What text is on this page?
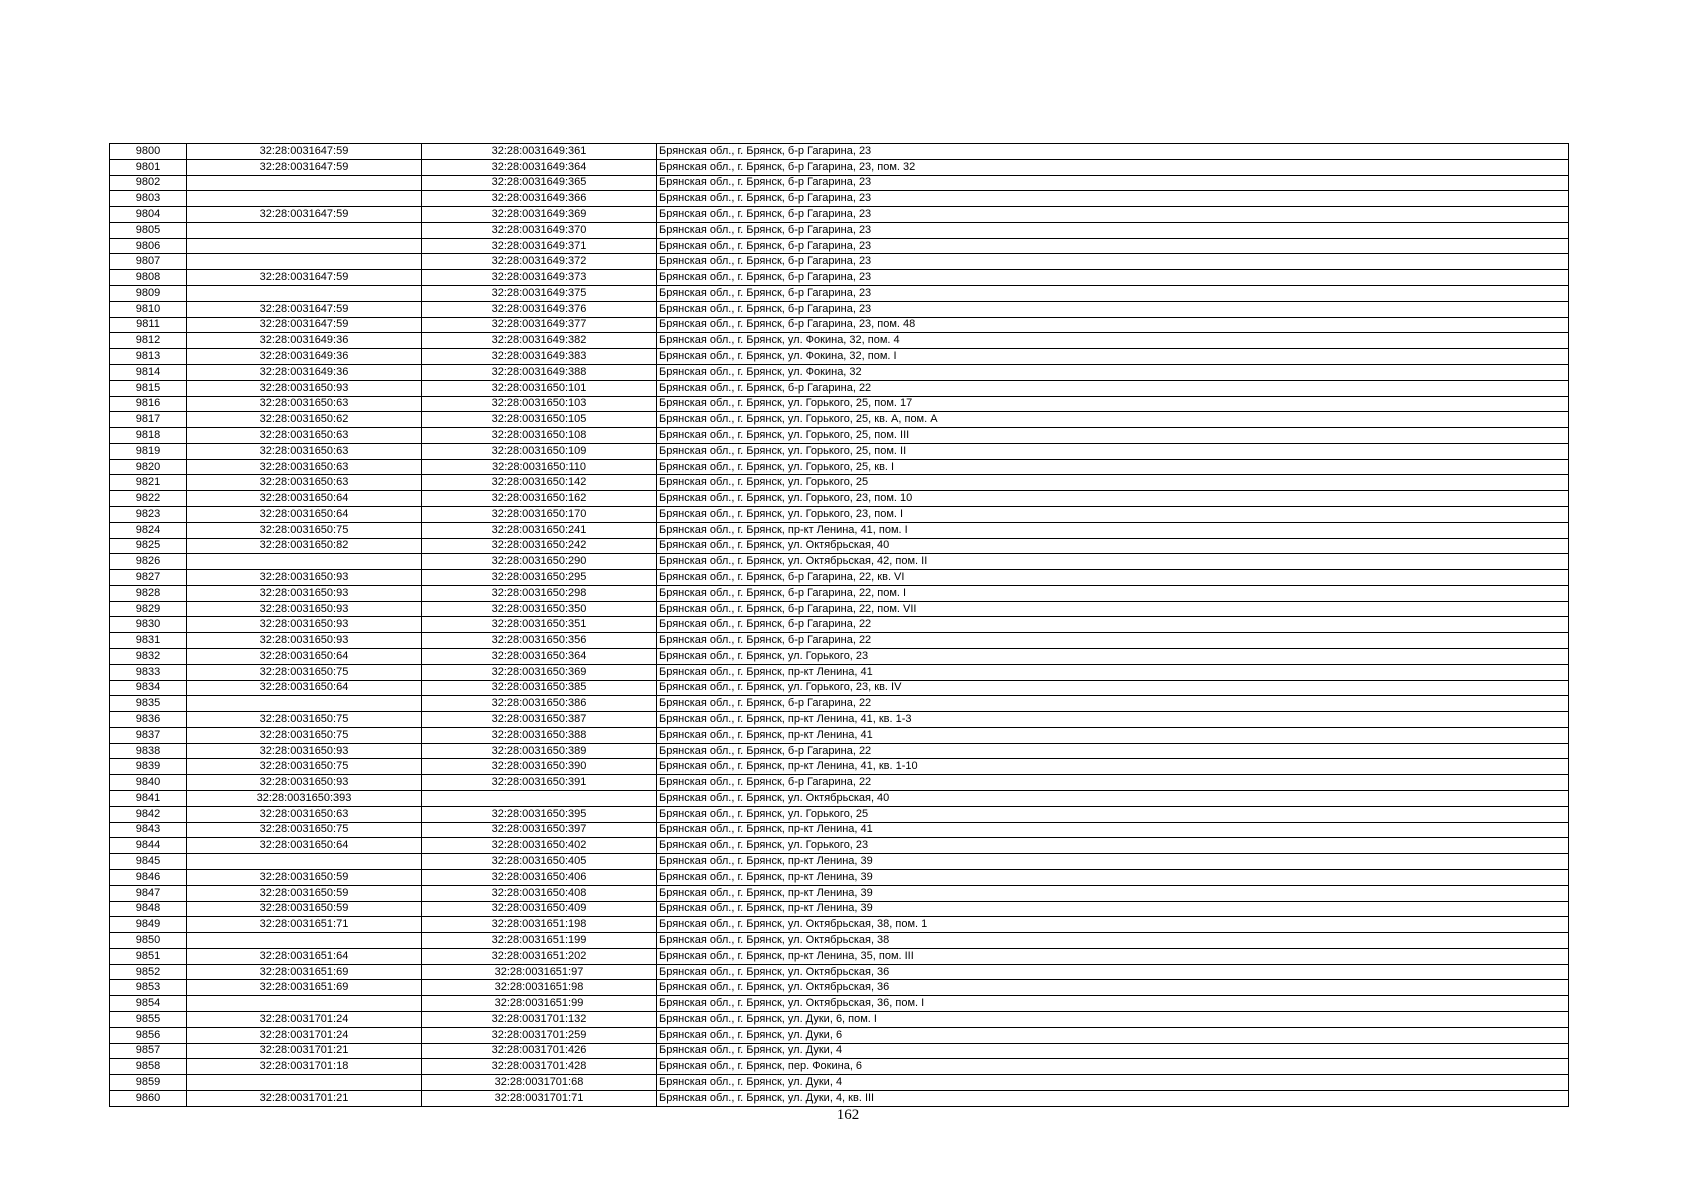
9800	32:28:0031647:59	32:28:0031649:361	Брянская обл., г. Брянск, б-р Гагарина, 23
9801	32:28:0031647:59	32:28:0031649:364	Брянская обл., г. Брянск, б-р Гагарина, 23, пом. 32
9802		32:28:0031649:365	Брянская обл., г. Брянск, б-р Гагарина, 23
9803		32:28:0031649:366	Брянская обл., г. Брянск, б-р Гагарина, 23
9804	32:28:0031647:59	32:28:0031649:369	Брянская обл., г. Брянск, б-р Гагарина, 23
9805		32:28:0031649:370	Брянская обл., г. Брянск, б-р Гагарина, 23
9806		32:28:0031649:371	Брянская обл., г. Брянск, б-р Гагарина, 23
9807		32:28:0031649:372	Брянская обл., г. Брянск, б-р Гагарина, 23
9808	32:28:0031647:59	32:28:0031649:373	Брянская обл., г. Брянск, б-р Гагарина, 23
9809		32:28:0031649:375	Брянская обл., г. Брянск, б-р Гагарина, 23
9810	32:28:0031647:59	32:28:0031649:376	Брянская обл., г. Брянск, б-р Гагарина, 23
9811	32:28:0031647:59	32:28:0031649:377	Брянская обл., г. Брянск, б-р Гагарина, 23, пом. 48
9812	32:28:0031649:36	32:28:0031649:382	Брянская обл., г. Брянск, ул. Фокина, 32, пом. 4
9813	32:28:0031649:36	32:28:0031649:383	Брянская обл., г. Брянск, ул. Фокина, 32, пом. I
9814	32:28:0031649:36	32:28:0031649:388	Брянская обл., г. Брянск, ул. Фокина, 32
9815	32:28:0031650:93	32:28:0031650:101	Брянская обл., г. Брянск, б-р Гагарина, 22
9816	32:28:0031650:63	32:28:0031650:103	Брянская обл., г. Брянск, ул. Горького, 25, пом. 17
9817	32:28:0031650:62	32:28:0031650:105	Брянская обл., г. Брянск, ул. Горького, 25, кв. А, пом. А
9818	32:28:0031650:63	32:28:0031650:108	Брянская обл., г. Брянск, ул. Горького, 25, пом. III
9819	32:28:0031650:63	32:28:0031650:109	Брянская обл., г. Брянск, ул. Горького, 25, пом. II
9820	32:28:0031650:63	32:28:0031650:110	Брянская обл., г. Брянск, ул. Горького, 25, кв. I
9821	32:28:0031650:63	32:28:0031650:142	Брянская обл., г. Брянск, ул. Горького, 25
9822	32:28:0031650:64	32:28:0031650:162	Брянская обл., г. Брянск, ул. Горького, 23, пом. 10
9823	32:28:0031650:64	32:28:0031650:170	Брянская обл., г. Брянск, ул. Горького, 23, пом. I
9824	32:28:0031650:75	32:28:0031650:241	Брянская обл., г. Брянск, пр-кт Ленина, 41, пом. I
9825	32:28:0031650:82	32:28:0031650:242	Брянская обл., г. Брянск, ул. Октябрьская, 40
9826		32:28:0031650:290	Брянская обл., г. Брянск, ул. Октябрьская, 42, пом. II
9827	32:28:0031650:93	32:28:0031650:295	Брянская обл., г. Брянск, б-р Гагарина, 22, кв. VI
9828	32:28:0031650:93	32:28:0031650:298	Брянская обл., г. Брянск, б-р Гагарина, 22, пом. I
9829	32:28:0031650:93	32:28:0031650:350	Брянская обл., г. Брянск, б-р Гагарина, 22, пом. VII
9830	32:28:0031650:93	32:28:0031650:351	Брянская обл., г. Брянск, б-р Гагарина, 22
9831	32:28:0031650:93	32:28:0031650:356	Брянская обл., г. Брянск, б-р Гагарина, 22
9832	32:28:0031650:64	32:28:0031650:364	Брянская обл., г. Брянск, ул. Горького, 23
9833	32:28:0031650:75	32:28:0031650:369	Брянская обл., г. Брянск, пр-кт Ленина, 41
9834	32:28:0031650:64	32:28:0031650:385	Брянская обл., г. Брянск, ул. Горького, 23, кв. IV
9835		32:28:0031650:386	Брянская обл., г. Брянск, б-р Гагарина, 22
9836	32:28:0031650:75	32:28:0031650:387	Брянская обл., г. Брянск, пр-кт Ленина, 41, кв. 1-3
9837	32:28:0031650:75	32:28:0031650:388	Брянская обл., г. Брянск, пр-кт Ленина, 41
9838	32:28:0031650:93	32:28:0031650:389	Брянская обл., г. Брянск, б-р Гагарина, 22
9839	32:28:0031650:75	32:28:0031650:390	Брянская обл., г. Брянск, пр-кт Ленина, 41, кв. 1-10
9840	32:28:0031650:93	32:28:0031650:391	Брянская обл., г. Брянск, б-р Гагарина, 22
9841	32:28:0031650:393		Брянская обл., г. Брянск, ул. Октябрьская, 40
9842	32:28:0031650:63	32:28:0031650:395	Брянская обл., г. Брянск, ул. Горького, 25
9843	32:28:0031650:75	32:28:0031650:397	Брянская обл., г. Брянск, пр-кт Ленина, 41
9844	32:28:0031650:64	32:28:0031650:402	Брянская обл., г. Брянск, ул. Горького, 23
9845		32:28:0031650:405	Брянская обл., г. Брянск, пр-кт Ленина, 39
9846	32:28:0031650:59	32:28:0031650:406	Брянская обл., г. Брянск, пр-кт Ленина, 39
9847	32:28:0031650:59	32:28:0031650:408	Брянская обл., г. Брянск, пр-кт Ленина, 39
9848	32:28:0031650:59	32:28:0031650:409	Брянская обл., г. Брянск, пр-кт Ленина, 39
9849	32:28:0031651:71	32:28:0031651:198	Брянская обл., г. Брянск, ул. Октябрьская, 38, пом. 1
9850		32:28:0031651:199	Брянская обл., г. Брянск, ул. Октябрьская, 38
9851	32:28:0031651:64	32:28:0031651:202	Брянская обл., г. Брянск, пр-кт Ленина, 35, пом. III
9852	32:28:0031651:69	32:28:0031651:97	Брянская обл., г. Брянск, ул. Октябрьская, 36
9853	32:28:0031651:69	32:28:0031651:98	Брянская обл., г. Брянск, ул. Октябрьская, 36
9854		32:28:0031651:99	Брянская обл., г. Брянск, ул. Октябрьская, 36, пом. I
9855	32:28:0031701:24	32:28:0031701:132	Брянская обл., г. Брянск, ул. Дуки, 6, пом. I
9856	32:28:0031701:24	32:28:0031701:259	Брянская обл., г. Брянск, ул. Дуки, 6
9857	32:28:0031701:21	32:28:0031701:426	Брянская обл., г. Брянск, ул. Дуки, 4
9858	32:28:0031701:18	32:28:0031701:428	Брянская обл., г. Брянск, пер. Фокина, 6
9859		32:28:0031701:68	Брянская обл., г. Брянск, ул. Дуки, 4
9860	32:28:0031701:21	32:28:0031701:71	Брянская обл., г. Брянск, ул. Дуки, 4, кв. III
162
